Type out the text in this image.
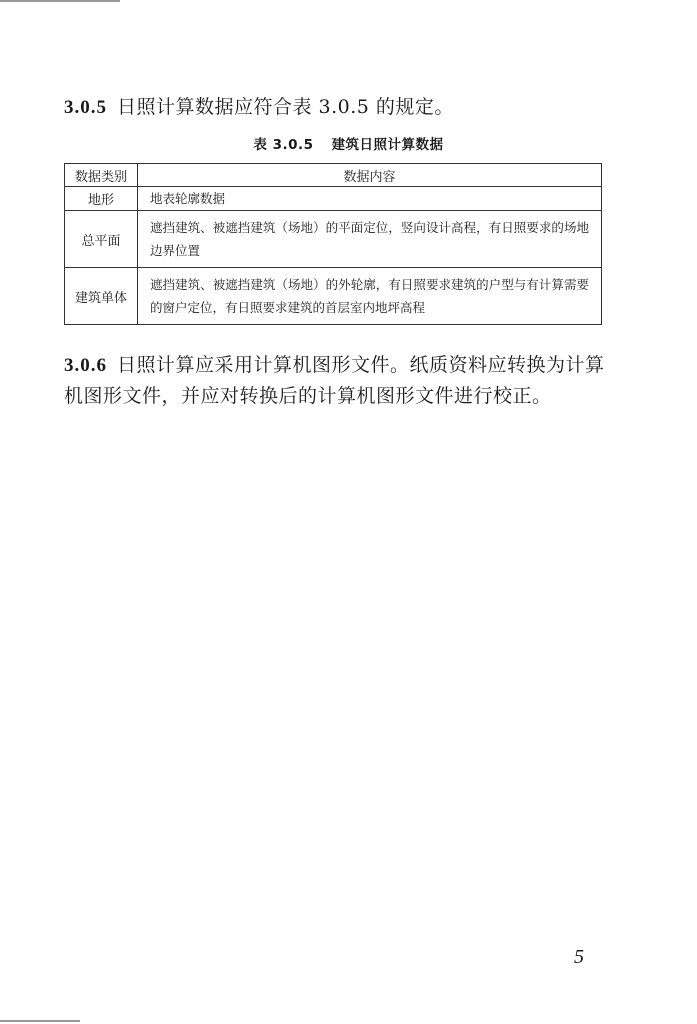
3.0.5 日照计算数据应符合表 3.0.5 的规定。
表 3.0.5 建筑日照计算数据
数据类别	数据内容
地形	地表轮廓数据
总平面	遮挡建筑、被遮挡建筑（场地）的平面定位，竖向设计高程，有日照要求的场地边界位置
建筑单体	遮挡建筑、被遮挡建筑（场地）的外轮廓，有日照要求建筑的户型与有计算需要的窗户定位，有日照要求建筑的首层室内地坪高程
3.0.6 日照计算应采用计算机图形文件。纸质资料应转换为计算机图形文件，并应对转换后的计算机图形文件进行校正。
5
